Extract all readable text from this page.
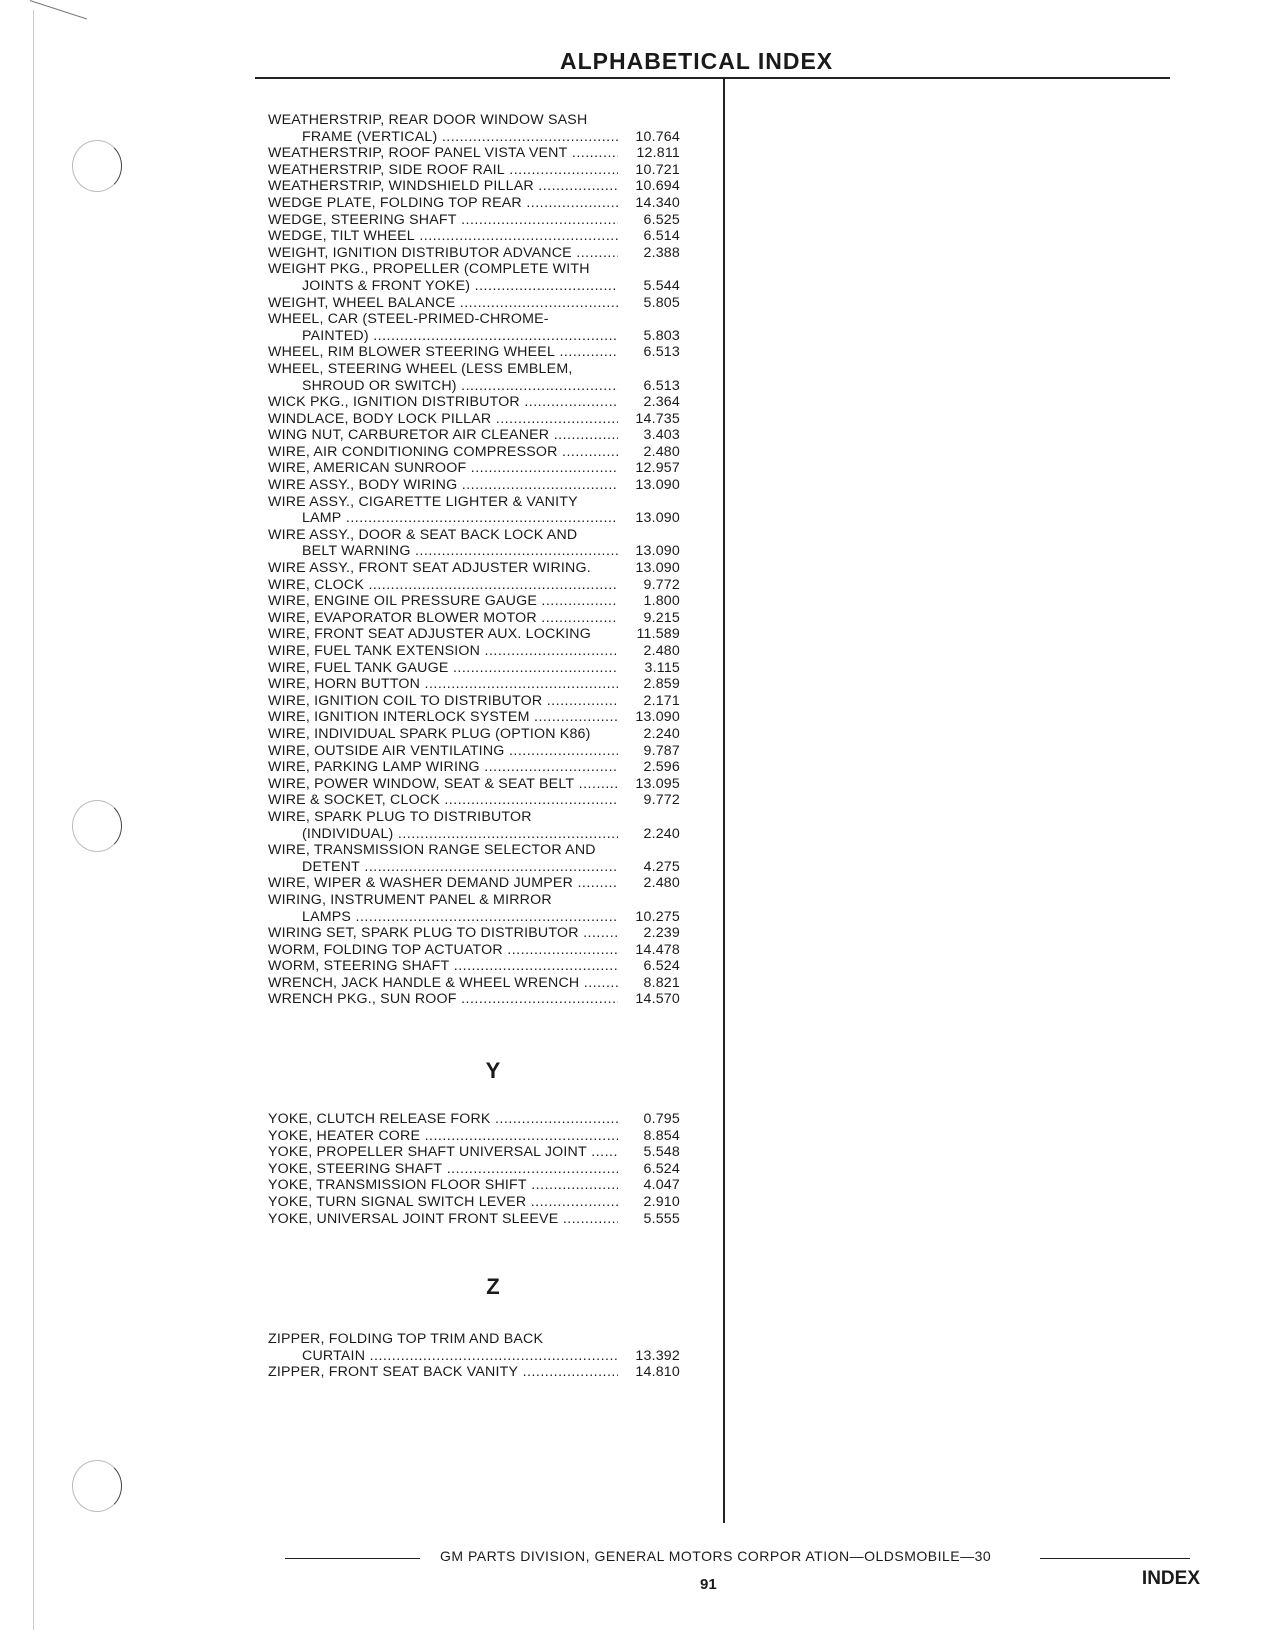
ALPHABETICAL INDEX
WEATHERSTRIP, REAR DOOR WINDOW SASH
FRAME (VERTICAL) .....	10.764
WEATHERSTRIP, ROOF PANEL VISTA VENT .....	12.811
WEATHERSTRIP, SIDE ROOF RAIL .....	10.721
WEATHERSTRIP, WINDSHIELD PILLAR .....	10.694
WEDGE PLATE, FOLDING TOP REAR .....	14.340
WEDGE, STEERING SHAFT .....	6.525
WEDGE, TILT WHEEL .....	6.514
WEIGHT, IGNITION DISTRIBUTOR ADVANCE .....	2.388
WEIGHT PKG., PROPELLER (COMPLETE WITH
JOINTS & FRONT YOKE) .....	5.544
WEIGHT, WHEEL BALANCE .....	5.805
WHEEL, CAR (STEEL-PRIMED-CHROME-
PAINTED) .....	5.803
WHEEL, RIM BLOWER STEERING WHEEL .....	6.513
WHEEL, STEERING WHEEL (LESS EMBLEM,
SHROUD OR SWITCH) .....	6.513
WICK PKG., IGNITION DISTRIBUTOR .....	2.364
WINDLACE, BODY LOCK PILLAR .....	14.735
WING NUT, CARBURETOR AIR CLEANER .....	3.403
WIRE, AIR CONDITIONING COMPRESSOR .....	2.480
WIRE, AMERICAN SUNROOF .....	12.957
WIRE ASSY., BODY WIRING .....	13.090
WIRE ASSY., CIGARETTE LIGHTER & VANITY
LAMP .....	13.090
WIRE ASSY., DOOR & SEAT BACK LOCK AND
BELT WARNING .....	13.090
WIRE ASSY., FRONT SEAT ADJUSTER WIRING.	13.090
WIRE, CLOCK .....	9.772
WIRE, ENGINE OIL PRESSURE GAUGE .....	1.800
WIRE, EVAPORATOR BLOWER MOTOR .....	9.215
WIRE, FRONT SEAT ADJUSTER AUX. LOCKING	11.589
WIRE, FUEL TANK EXTENSION .....	2.480
WIRE, FUEL TANK GAUGE .....	3.115
WIRE, HORN BUTTON .....	2.859
WIRE, IGNITION COIL TO DISTRIBUTOR .....	2.171
WIRE, IGNITION INTERLOCK SYSTEM .....	13.090
WIRE, INDIVIDUAL SPARK PLUG (OPTION K86)	2.240
WIRE, OUTSIDE AIR VENTILATING .....	9.787
WIRE, PARKING LAMP WIRING .....	2.596
WIRE, POWER WINDOW, SEAT & SEAT BELT .....	13.095
WIRE & SOCKET, CLOCK .....	9.772
WIRE, SPARK PLUG TO DISTRIBUTOR
(INDIVIDUAL) .....	2.240
WIRE, TRANSMISSION RANGE SELECTOR AND
DETENT .....	4.275
WIRE, WIPER & WASHER DEMAND JUMPER .....	2.480
WIRING, INSTRUMENT PANEL & MIRROR
LAMPS .....	10.275
WIRING SET, SPARK PLUG TO DISTRIBUTOR .....	2.239
WORM, FOLDING TOP ACTUATOR .....	14.478
WORM, STEERING SHAFT .....	6.524
WRENCH, JACK HANDLE & WHEEL WRENCH .....	8.821
WRENCH PKG., SUN ROOF .....	14.570
Y
YOKE, CLUTCH RELEASE FORK .....	0.795
YOKE, HEATER CORE .....	8.854
YOKE, PROPELLER SHAFT UNIVERSAL JOINT .....	5.548
YOKE, STEERING SHAFT .....	6.524
YOKE, TRANSMISSION FLOOR SHIFT .....	4.047
YOKE, TURN SIGNAL SWITCH LEVER .....	2.910
YOKE, UNIVERSAL JOINT FRONT SLEEVE .....	5.555
Z
ZIPPER, FOLDING TOP TRIM AND BACK
CURTAIN .....	13.392
ZIPPER, FRONT SEAT BACK VANITY .....	14.810
GM PARTS DIVISION, GENERAL MOTORS CORPOR ATION—OLDSMOBILE—30
91	INDEX
